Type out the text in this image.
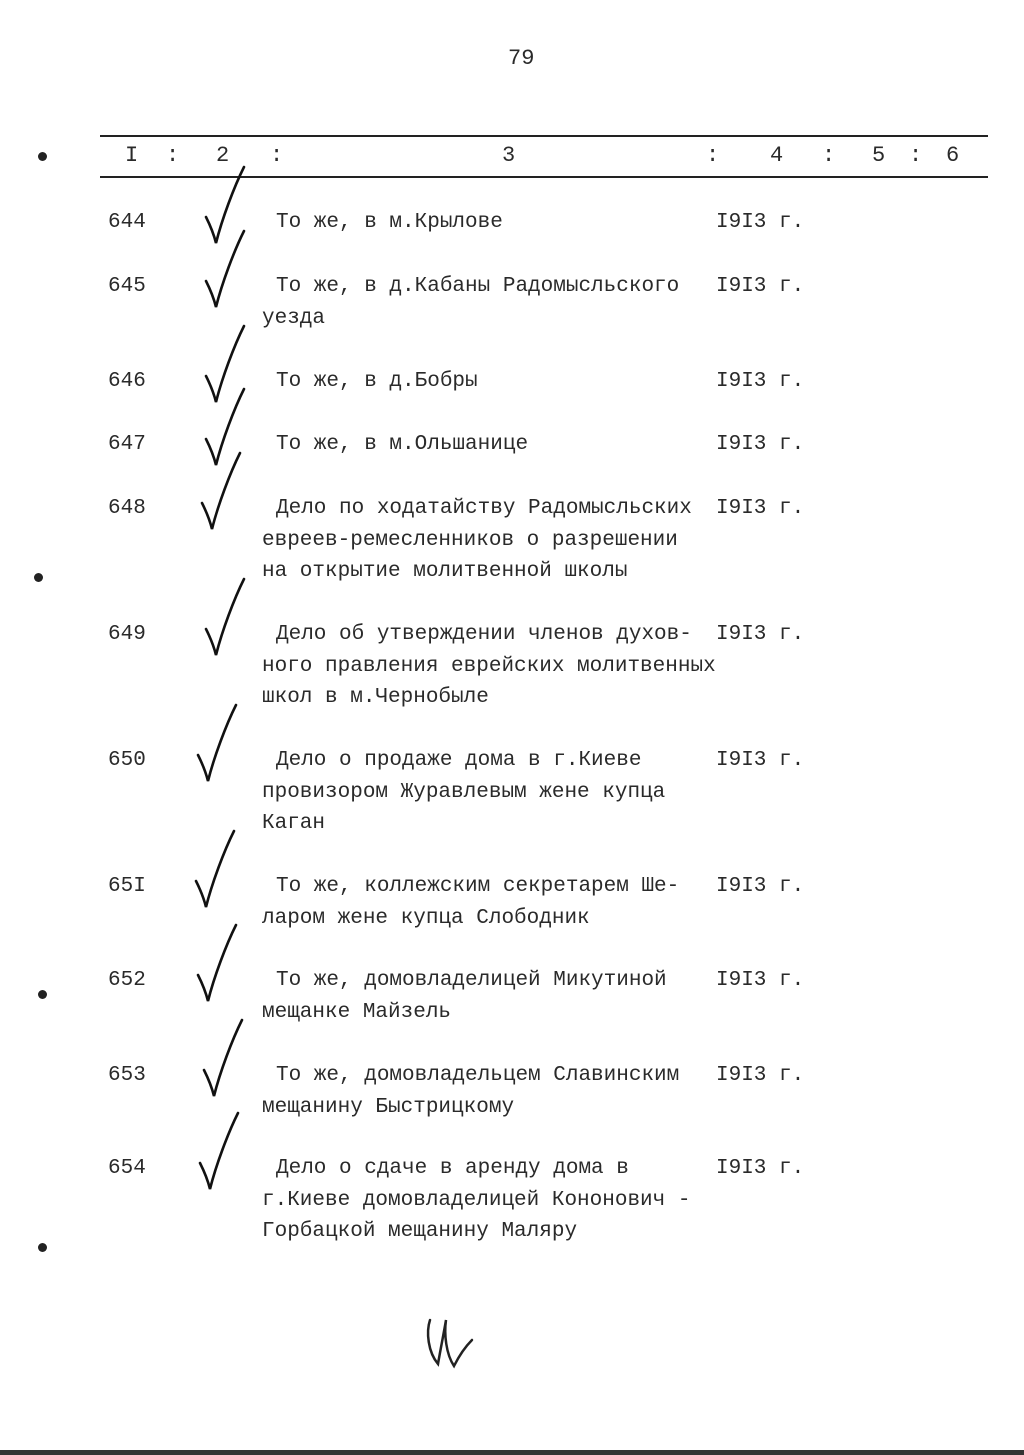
79
I : 2 :	3	: 4 : 5 : 6
644	То же, в м.Крылове	I9I3 г.
645	То же, в д.Кабаны Радомысльского
уезда
I9I3 г.
646	То же, в д.Бобры	I9I3 г.
647	То же, в м.Ольшанице	I9I3 г.
648	Дело по ходатайству Радомысльских
евреев-ремесленников о разрешении
на открытие молитвенной школы
I9I3 г.
649	Дело об утверждении членов духов-
ного правления еврейских молитвенных
школ в м.Чернобыле
I9I3 г.
650	Дело о продаже дома в г.Киеве
провизором Журавлевым жене купца
Каган
I9I3 г.
65I	То же, коллежским секретарем Ше-
ларом жене купца Слободник
I9I3 г.
652	То же, домовладелицей Микутиной
мещанке Майзель
I9I3 г.
653	То же, домовладельцем Славинским
мещанину Быстрицкому
I9I3 г.
654	Дело о сдаче в аренду дома в
г.Киеве домовладелицей Кононович -
Горбацкой мещанину Маляру
I9I3 г.
